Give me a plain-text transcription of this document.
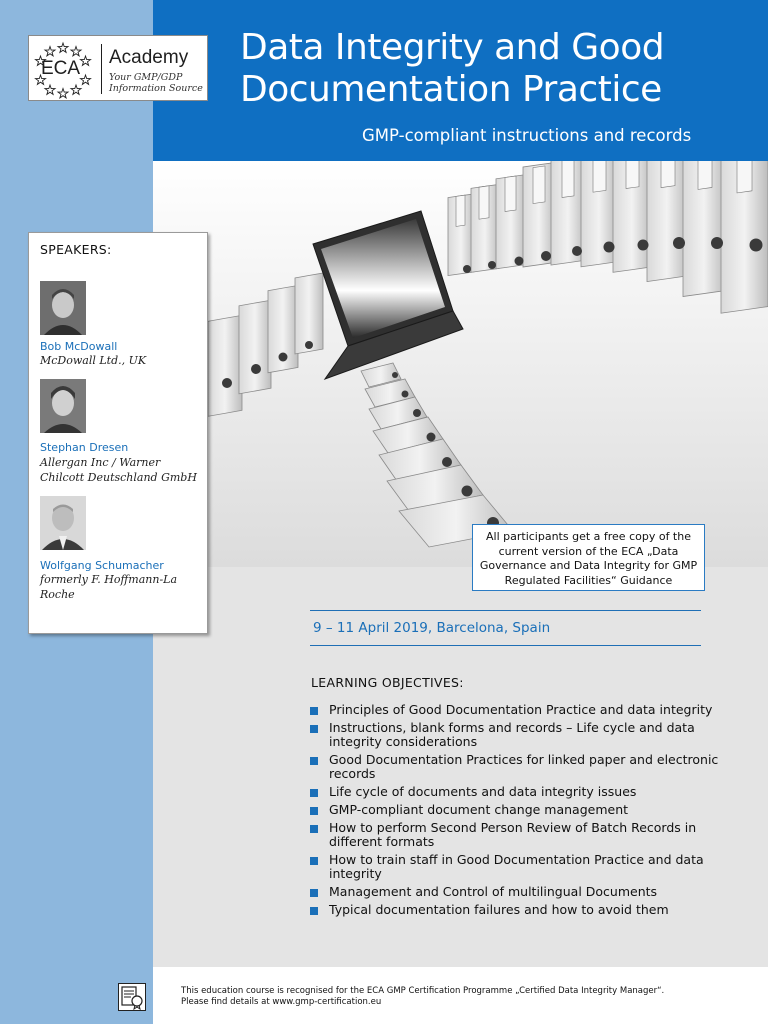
Data Integrity and Good Documentation Practice
GMP-compliant instructions and records
ECA
Academy
Your GMP/GDP
Information Source
SPEAKERS:
Bob McDowall
McDowall Ltd., UK
Stephan Dresen
Allergan Inc / Warner Chilcott Deutschland GmbH
Wolfgang Schumacher
formerly F. Hoffmann-La Roche
All participants get a free copy of the current version of the ECA „Data Governance and Data Integrity for GMP Regulated Facilities“ Guidance
9 – 11 April 2019, Barcelona, Spain
LEARNING OBJECTIVES:
Principles of Good Documentation Practice and data integrity
Instructions, blank forms and records – Life cycle and data integrity considerations
Good Documentation Practices for linked paper and electronic records
Life cycle of documents and data integrity issues
GMP-compliant document change management
How to perform Second Person Review of Batch Records in different formats
How to train staff in Good Documentation Practice and data integrity
Management and Control of multilingual Documents
Typical documentation failures and how to avoid them
This education course is recognised for the ECA GMP Certification Programme „Certified Data Integrity Manager“.
Please find details at www.gmp-certification.eu
